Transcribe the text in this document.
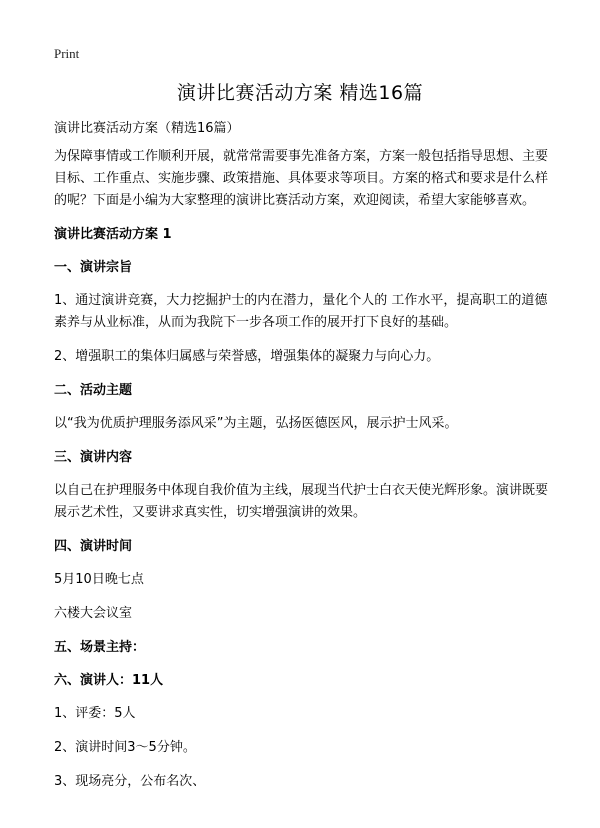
Print
演讲比赛活动方案 精选16篇

演讲比赛活动方案（精选16篇）

为保障事情或工作顺利开展，就常常需要事先准备方案，方案一般包括指导思想、主要目标、工作重点、实施步骤、政策措施、具体要求等项目。方案的格式和要求是什么样的呢？下面是小编为大家整理的演讲比赛活动方案，欢迎阅读，希望大家能够喜欢。

演讲比赛活动方案 1
一、演讲宗旨

1、通过演讲竞赛，大力挖掘护士的内在潜力，量化个人的 工作水平，提高职工的道德素养与从业标准，从而为我院下一步各项工作的展开打下良好的基础。

2、增强职工的集体归属感与荣誉感，增强集体的凝聚力与向心力。

二、活动主题

以“我为优质护理服务添风采”为主题，弘扬医德医风，展示护士风采。

三、演讲内容

以自己在护理服务中体现自我价值为主线，展现当代护士白衣天使光辉形象。演讲既要展示艺术性，又要讲求真实性，切实增强演讲的效果。

四、演讲时间

5月10日晚七点

六楼大会议室

五、场景主持：
六、演讲人：11人

1、评委：5人

2、演讲时间3～5分钟。

3、现场亮分，公布名次、
